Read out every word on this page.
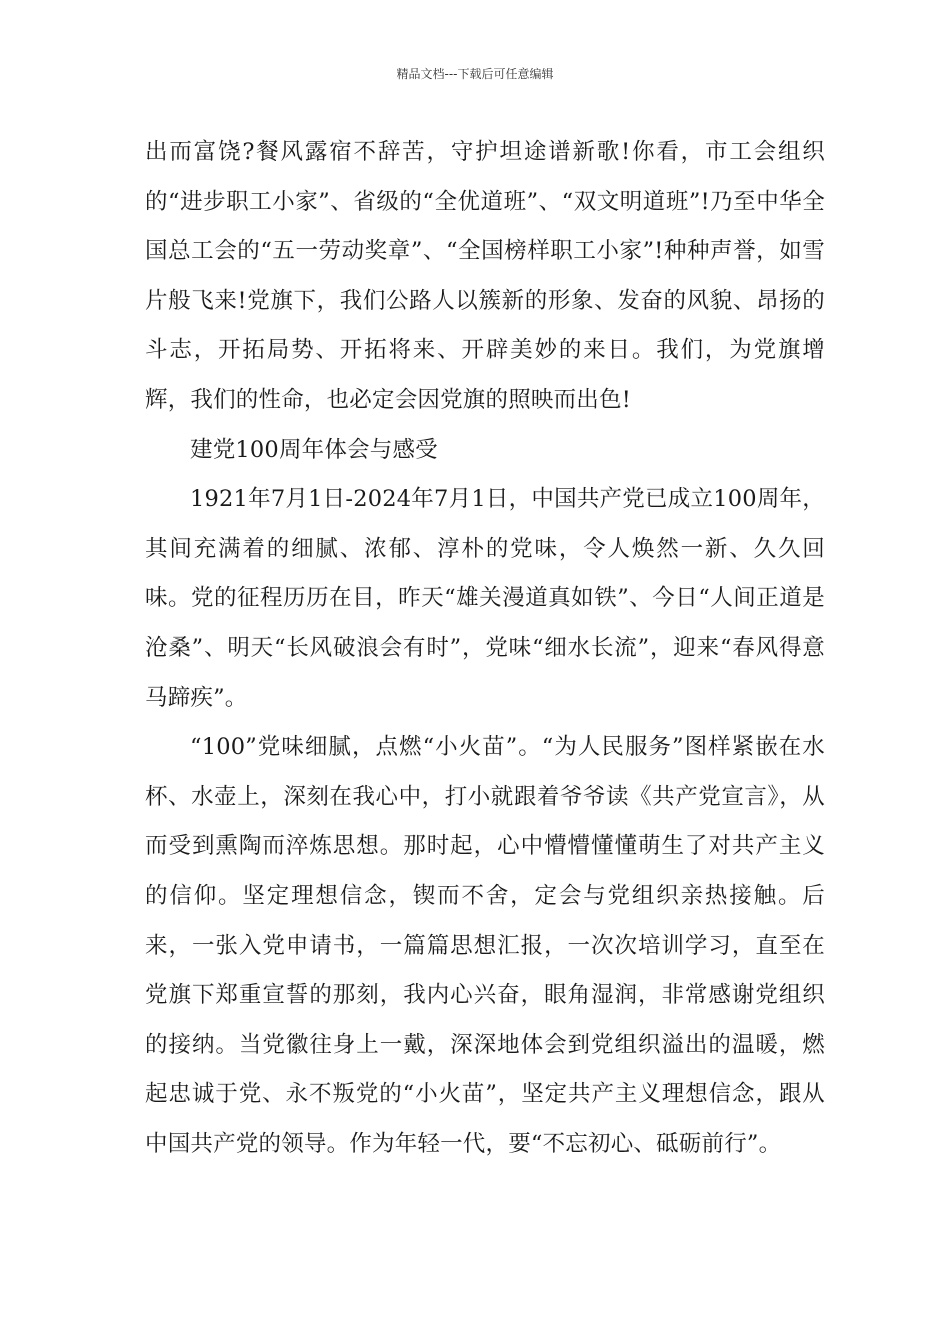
精品文档---下载后可任意编辑

出而富饶?餐风露宿不辞苦，守护坦途谱新歌!你看，市工会组织的“进步职工小家”、省级的“全优道班”、“双文明道班”!乃至中华全国总工会的“五一劳动奖章”、“全国榜样职工小家”!种种声誉，如雪片般飞来!党旗下，我们公路人以簇新的形象、发奋的风貌、昂扬的斗志，开拓局势、开拓将来、开辟美妙的来日。我们，为党旗增辉，我们的性命，也必定会因党旗的照映而出色!

建党100周年体会与感受

1921年7月1日-2024年7月1日，中国共产党已成立100周年，其间充满着的细腻、浓郁、淳朴的党味，令人焕然一新、久久回味。党的征程历历在目，昨天“雄关漫道真如铁”、今日“人间正道是沧桑”、明天“长风破浪会有时”，党味“细水长流”，迎来“春风得意马蹄疾”。

“100”党味细腻，点燃“小火苗”。“为人民服务”图样紧嵌在水杯、水壶上，深刻在我心中，打小就跟着爷爷读《共产党宣言》，从而受到熏陶而淬炼思想。那时起，心中懵懵懂懂萌生了对共产主义的信仰。坚定理想信念，锲而不舍，定会与党组织亲热接触。后来，一张入党申请书，一篇篇思想汇报，一次次培训学习，直至在党旗下郑重宣誓的那刻，我内心兴奋，眼角湿润，非常感谢党组织的接纳。当党徽往身上一戴，深深地体会到党组织溢出的温暖，燃起忠诚于党、永不叛党的“小火苗”，坚定共产主义理想信念，跟从中国共产党的领导。作为年轻一代，要“不忘初心、砥砺前行”。
